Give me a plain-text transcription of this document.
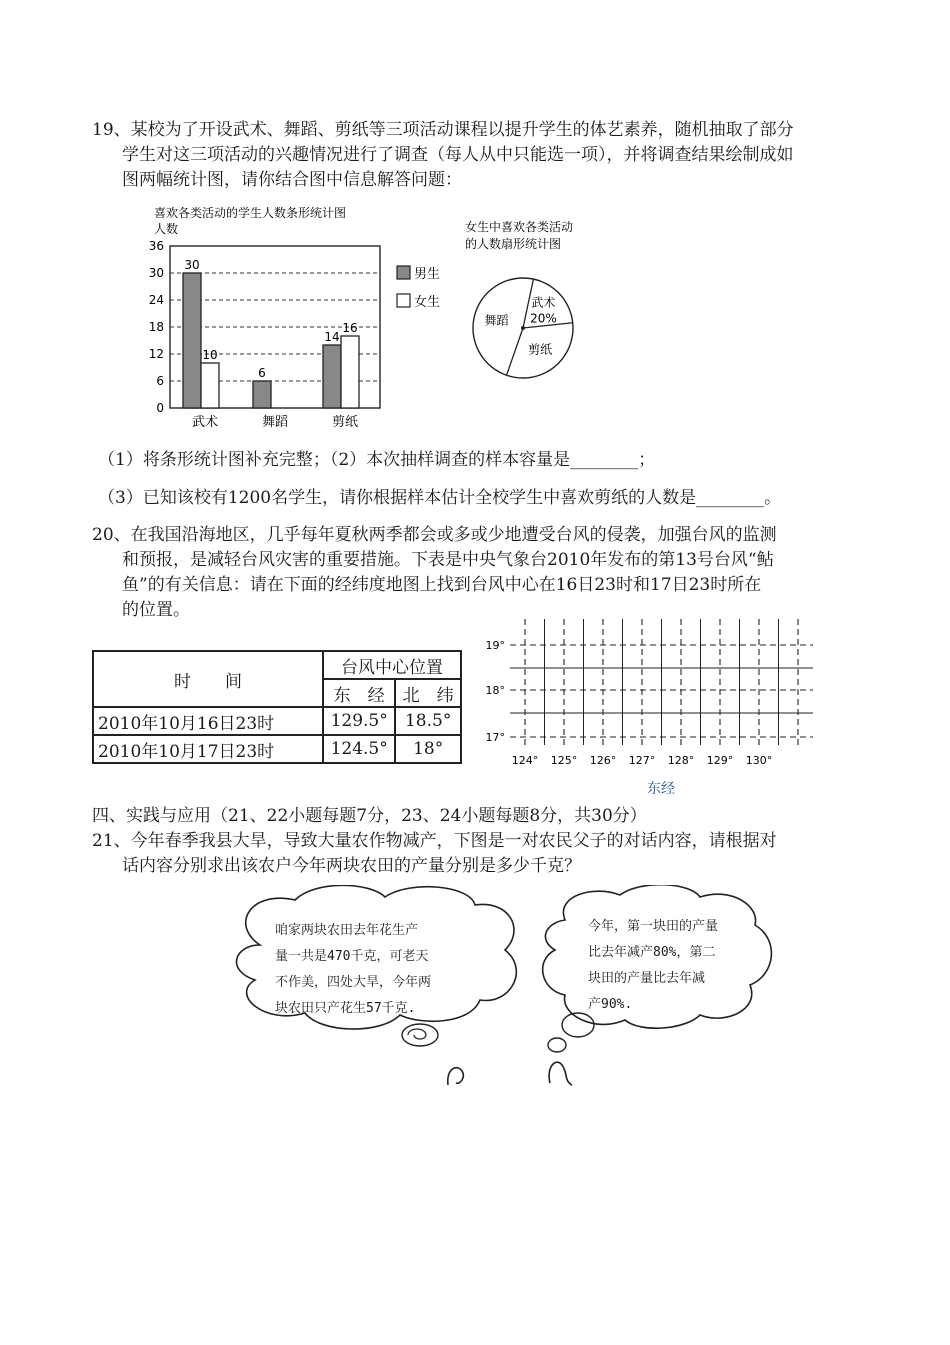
19、某校为了开设武术、舞蹈、剪纸等三项活动课程以提升学生的体艺素养，随机抽取了部分
学生对这三项活动的兴趣情况进行了调查（每人从中只能选一项），并将调查结果绘制成如
图两幅统计图，请你结合图中信息解答问题：
喜欢各类活动的学生人数条形统计图
人数
0
6
12
18
24
30
36
武术
30
10
舞蹈
6
剪纸
14
16
男生
女生
女生中喜欢各类活动
的人数扇形统计图
武术
20%
剪纸
舞蹈
（1）将条形统计图补充完整；（2）本次抽样调查的样本容量是________；
（3）已知该校有1200名学生，请你根据样本估计全校学生中喜欢剪纸的人数是________。
20、在我国沿海地区，几乎每年夏秋两季都会或多或少地遭受台风的侵袭，加强台风的监测
和预报，是减轻台风灾害的重要措施。下表是中央气象台2010年发布的第13号台风“鲇
鱼”的有关信息：请在下面的经纬度地图上找到台风中心在16日23时和17日23时所在
的位置。
时　　间	台风中心位置	
	东　经	北　纬
2010年10月16日23时	129.5°	18.5°
2010年10月17日23时	124.5°	18°
19°
18°
17°
124° 125° 126° 127° 128° 129° 130°
东经
四、实践与应用（21、22小题每题7分，23、24小题每题8分，共30分）
21、今年春季我县大旱，导致大量农作物减产，下图是一对农民父子的对话内容，请根据对
话内容分别求出该农户今年两块农田的产量分别是多少千克？
咱家两块农田去年花生产
量一共是470千克，可老天
不作美，四处大旱，今年两
块农田只产花生57千克.
今年，第一块田的产量
比去年减产80%，第二
块田的产量比去年减
产90%.
